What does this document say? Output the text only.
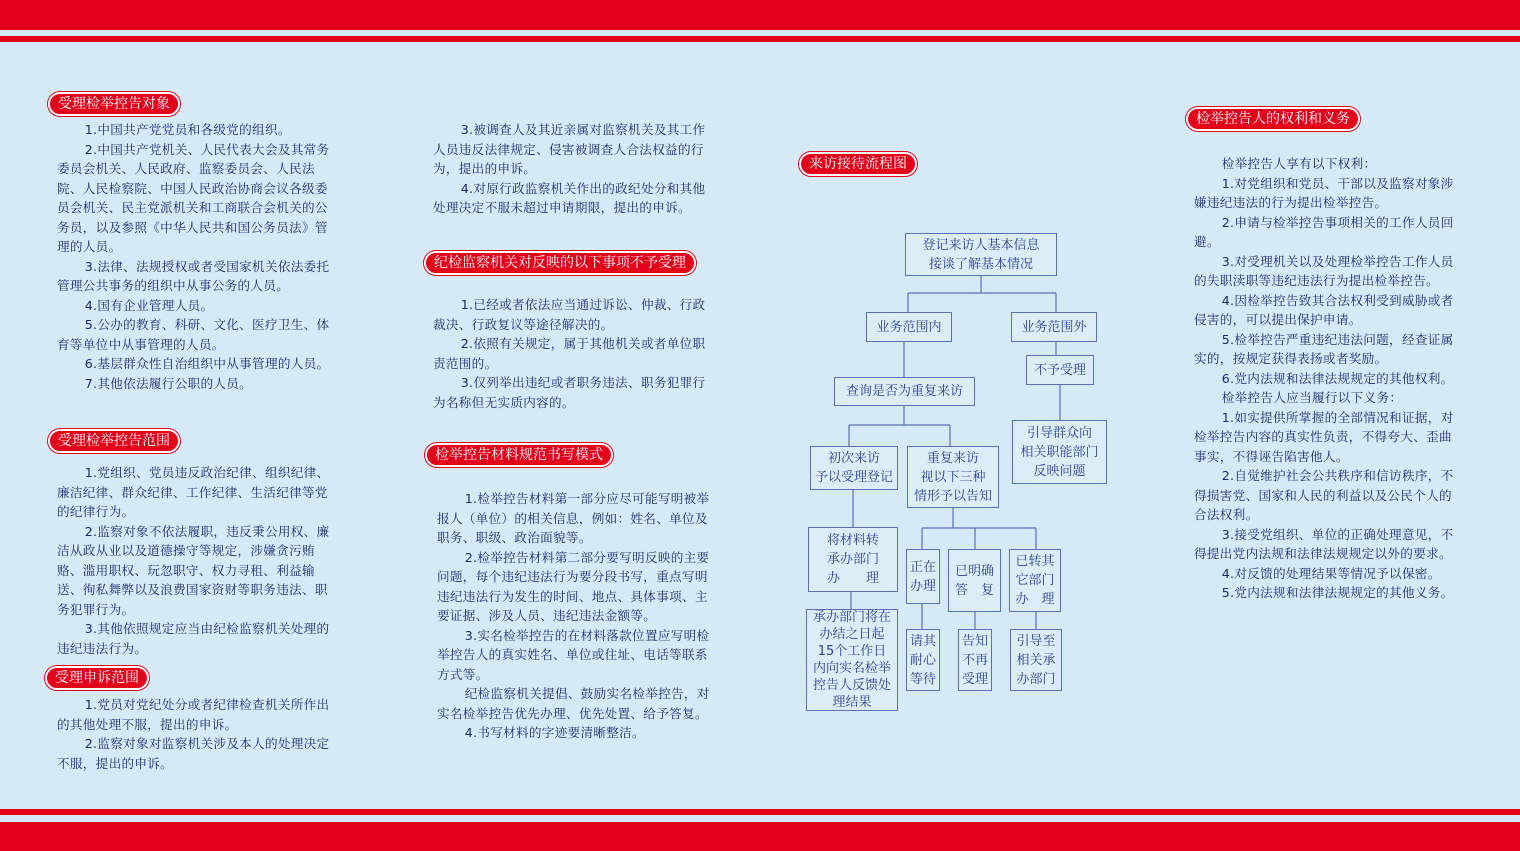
受理检举控告对象

1.中国共产党党员和各级党的组织。

2.中国共产党机关、人民代表大会及其常务委员会机关、人民政府、监察委员会、人民法院、人民检察院、中国人民政治协商会议各级委员会机关、民主党派机关和工商联合会机关的公务员，以及参照《中华人民共和国公务员法》管理的人员。

3.法律、法规授权或者受国家机关依法委托管理公共事务的组织中从事公务的人员。

4.国有企业管理人员。

5.公办的教育、科研、文化、医疗卫生、体育等单位中从事管理的人员。

6.基层群众性自治组织中从事管理的人员。

7.其他依法履行公职的人员。

受理检举控告范围

1.党组织、党员违反政治纪律、组织纪律、廉洁纪律、群众纪律、工作纪律、生活纪律等党的纪律行为。

2.监察对象不依法履职，违反秉公用权、廉洁从政从业以及道德操守等规定，涉嫌贪污贿赂、滥用职权、玩忽职守、权力寻租、利益输送、徇私舞弊以及浪费国家资财等职务违法、职务犯罪行为。

3.其他依照规定应当由纪检监察机关处理的违纪违法行为。

受理申诉范围

1.党员对党纪处分或者纪律检查机关所作出的其他处理不服，提出的申诉。

2.监察对象对监察机关涉及本人的处理决定不服，提出的申诉。

3.被调查人及其近亲属对监察机关及其工作人员违反法律规定、侵害被调查人合法权益的行为，提出的申诉。

4.对原行政监察机关作出的政纪处分和其他处理决定不服未超过申请期限，提出的申诉。

纪检监察机关对反映的以下事项不予受理

1.已经或者依法应当通过诉讼、仲裁、行政裁决、行政复议等途径解决的。

2.依照有关规定，属于其他机关或者单位职责范围的。

3.仅列举出违纪或者职务违法、职务犯罪行为名称但无实质内容的。

检举控告材料规范书写模式

1.检举控告材料第一部分应尽可能写明被举报人（单位）的相关信息，例如：姓名、单位及职务、职级、政治面貌等。

2.检举控告材料第二部分要写明反映的主要问题，每个违纪违法行为要分段书写，重点写明违纪违法行为发生的时间、地点、具体事项、主要证据、涉及人员、违纪违法金额等。

3.实名检举控告的在材料落款位置应写明检举控告人的真实姓名、单位或住址、电话等联系方式等。

纪检监察机关提倡、鼓励实名检举控告，对实名检举控告优先办理、优先处置、给予答复。

4.书写材料的字迹要清晰整洁。

来访接待流程图
登记来访人基本信息
接谈了解基本情况
业务范围内	业务范围外
查询是否为重复来访
不予受理
初次来访
予以受理登记
重复来访
视以下三种
情形予以告知
引导群众向
相关职能部门
反映问题
将材料转
承办部门
办　　理
正在
办理
已明确
答　复
已转其
它部门
办　理
承办部门将在
办结之日起
15个工作日
内向实名检举
控告人反馈处
理结果
请其
耐心
等待
告知
不再
受理
引导至
相关承
办部门
检举控告人的权利和义务

检举控告人享有以下权利：

1.对党组织和党员、干部以及监察对象涉嫌违纪违法的行为提出检举控告。

2.申请与检举控告事项相关的工作人员回避。

3.对受理机关以及处理检举控告工作人员的失职渎职等违纪违法行为提出检举控告。

4.因检举控告致其合法权利受到威胁或者侵害的，可以提出保护申请。

5.检举控告严重违纪违法问题，经查证属实的，按规定获得表扬或者奖励。

6.党内法规和法律法规规定的其他权利。

检举控告人应当履行以下义务：

1.如实提供所掌握的全部情况和证据，对检举控告内容的真实性负责，不得夸大、歪曲事实，不得诬告陷害他人。

2.自觉维护社会公共秩序和信访秩序，不得损害党、国家和人民的利益以及公民个人的合法权利。

3.接受党组织、单位的正确处理意见，不得提出党内法规和法律法规规定以外的要求。

4.对反馈的处理结果等情况予以保密。

5.党内法规和法律法规规定的其他义务。
